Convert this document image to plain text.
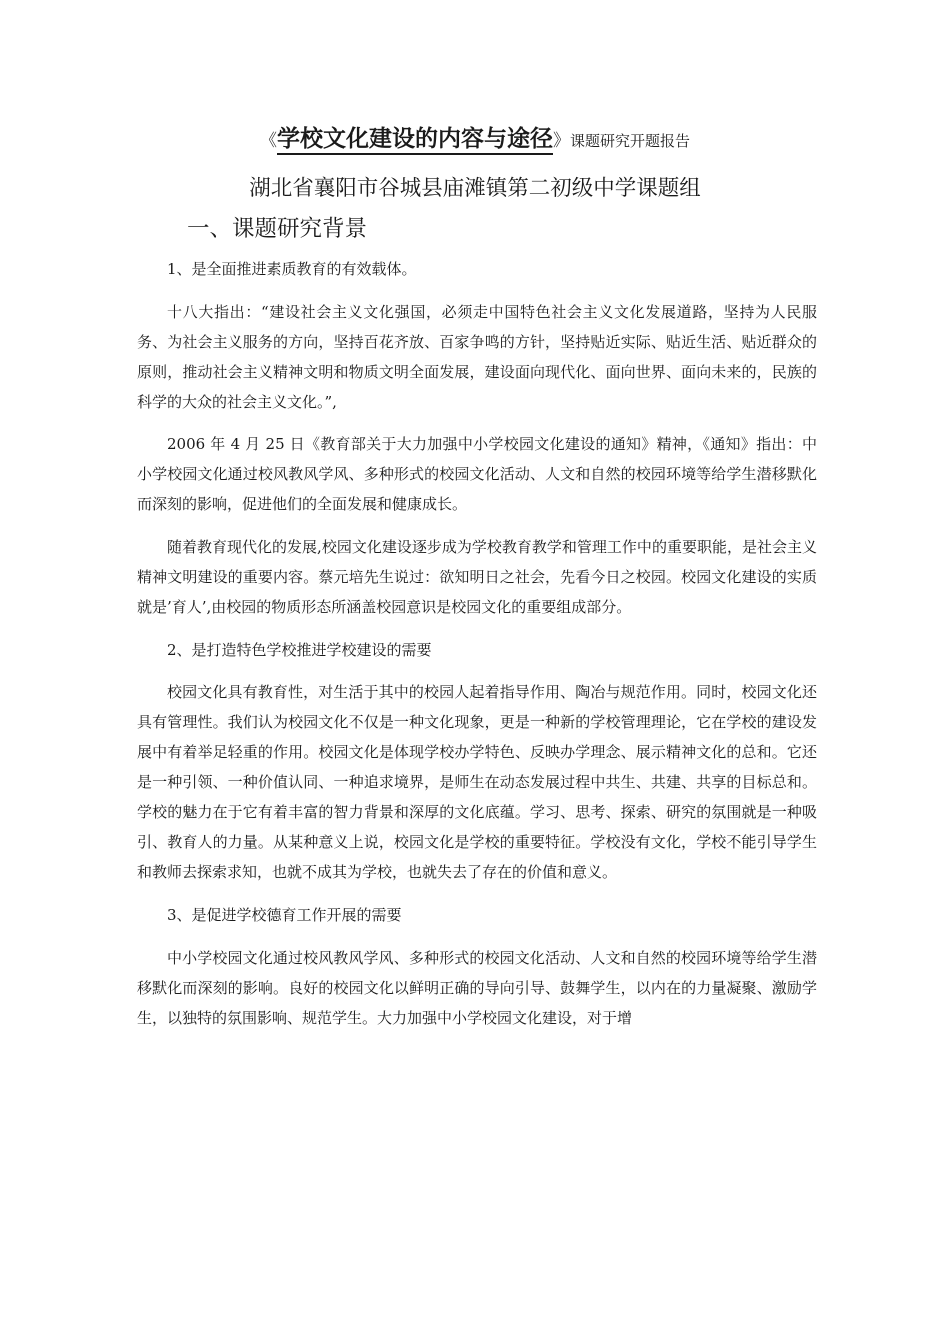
《学校文化建设的内容与途径》课题研究开题报告
湖北省襄阳市谷城县庙滩镇第二初级中学课题组
一、课题研究背景

1、是全面推进素质教育的有效载体。

十八大指出：“建设社会主义文化强国，必须走中国特色社会主义文化发展道路，坚持为人民服务、为社会主义服务的方向，坚持百花齐放、百家争鸣的方针，坚持贴近实际、贴近生活、贴近群众的原则，推动社会主义精神文明和物质文明全面发展，建设面向现代化、面向世界、面向未来的，民族的科学的大众的社会主义文化。”,

2006 年 4 月 25 日《教育部关于大力加强中小学校园文化建设的通知》精神，《通知》指出：中小学校园文化通过校风教风学风、多种形式的校园文化活动、人文和自然的校园环境等给学生潜移默化而深刻的影响，促进他们的全面发展和健康成长。

随着教育现代化的发展,校园文化建设逐步成为学校教育教学和管理工作中的重要职能，是社会主义精神文明建设的重要内容。蔡元培先生说过：欲知明日之社会，先看今日之校园。校园文化建设的实质就是’育人’,由校园的物质形态所涵盖校园意识是校园文化的重要组成部分。

2、是打造特色学校推进学校建设的需要

校园文化具有教育性，对生活于其中的校园人起着指导作用、陶冶与规范作用。同时，校园文化还具有管理性。我们认为校园文化不仅是一种文化现象，更是一种新的学校管理理论，它在学校的建设发展中有着举足轻重的作用。校园文化是体现学校办学特色、反映办学理念、展示精神文化的总和。它还是一种引领、一种价值认同、一种追求境界，是师生在动态发展过程中共生、共建、共享的目标总和。学校的魅力在于它有着丰富的智力背景和深厚的文化底蕴。学习、思考、探索、研究的氛围就是一种吸引、教育人的力量。从某种意义上说，校园文化是学校的重要特征。学校没有文化，学校不能引导学生和教师去探索求知，也就不成其为学校，也就失去了存在的价值和意义。

3、是促进学校德育工作开展的需要

中小学校园文化通过校风教风学风、多种形式的校园文化活动、人文和自然的校园环境等给学生潜移默化而深刻的影响。良好的校园文化以鲜明正确的导向引导、鼓舞学生，以内在的力量凝聚、激励学生，以独特的氛围影响、规范学生。大力加强中小学校园文化建设，对于增
